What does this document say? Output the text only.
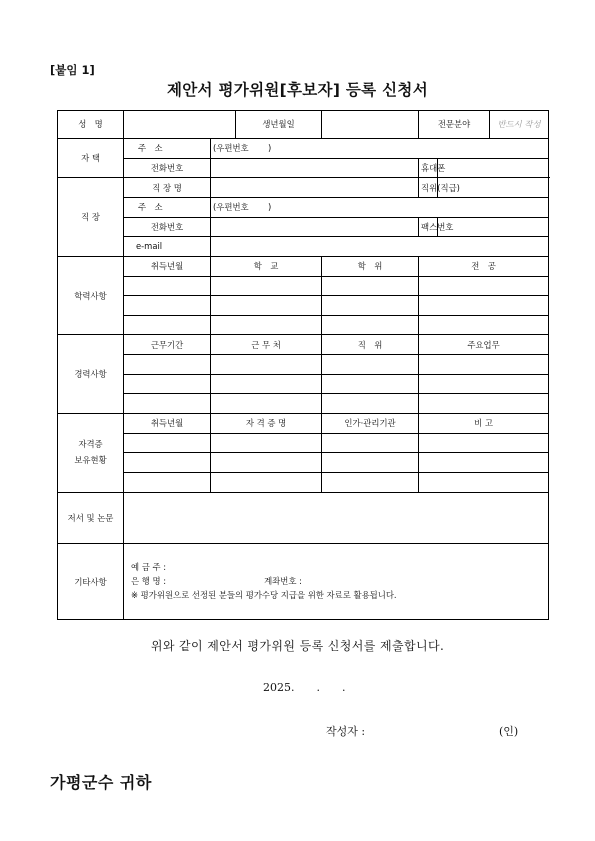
[붙임 1]
제안서 평가위원[후보자] 등록 신청서
성　명			생년월일		전문분야		반드시 작성
자 택	주　소	(우편번호　　 )					
	전화번호				휴대폰		
직 장	직 장 명				직위(직급)		
	주　소	(우편번호　　 )					
	전화번호				팩스번호		
	e-mail						
학력사항	취득년월	학　교		학　위	전　공		

경력사항	근무기간	근 무 처		직　위	주요업무		

자격증
보유현황	취득년월	자 격 증 명		인가·관리기관	비 고		

저서 및 논문							
기타사항	예 금 주 :
은 행 명 : 계좌번호 :
※ 평가위원으로 선정된 분들의 평가수당 지급을 위한 자료로 활용됩니다.						
위와 같이 제안서 평가위원 등록 신청서를 제출합니다.
2025.　　.　　.
작성자 :	(인)
가평군수 귀하
